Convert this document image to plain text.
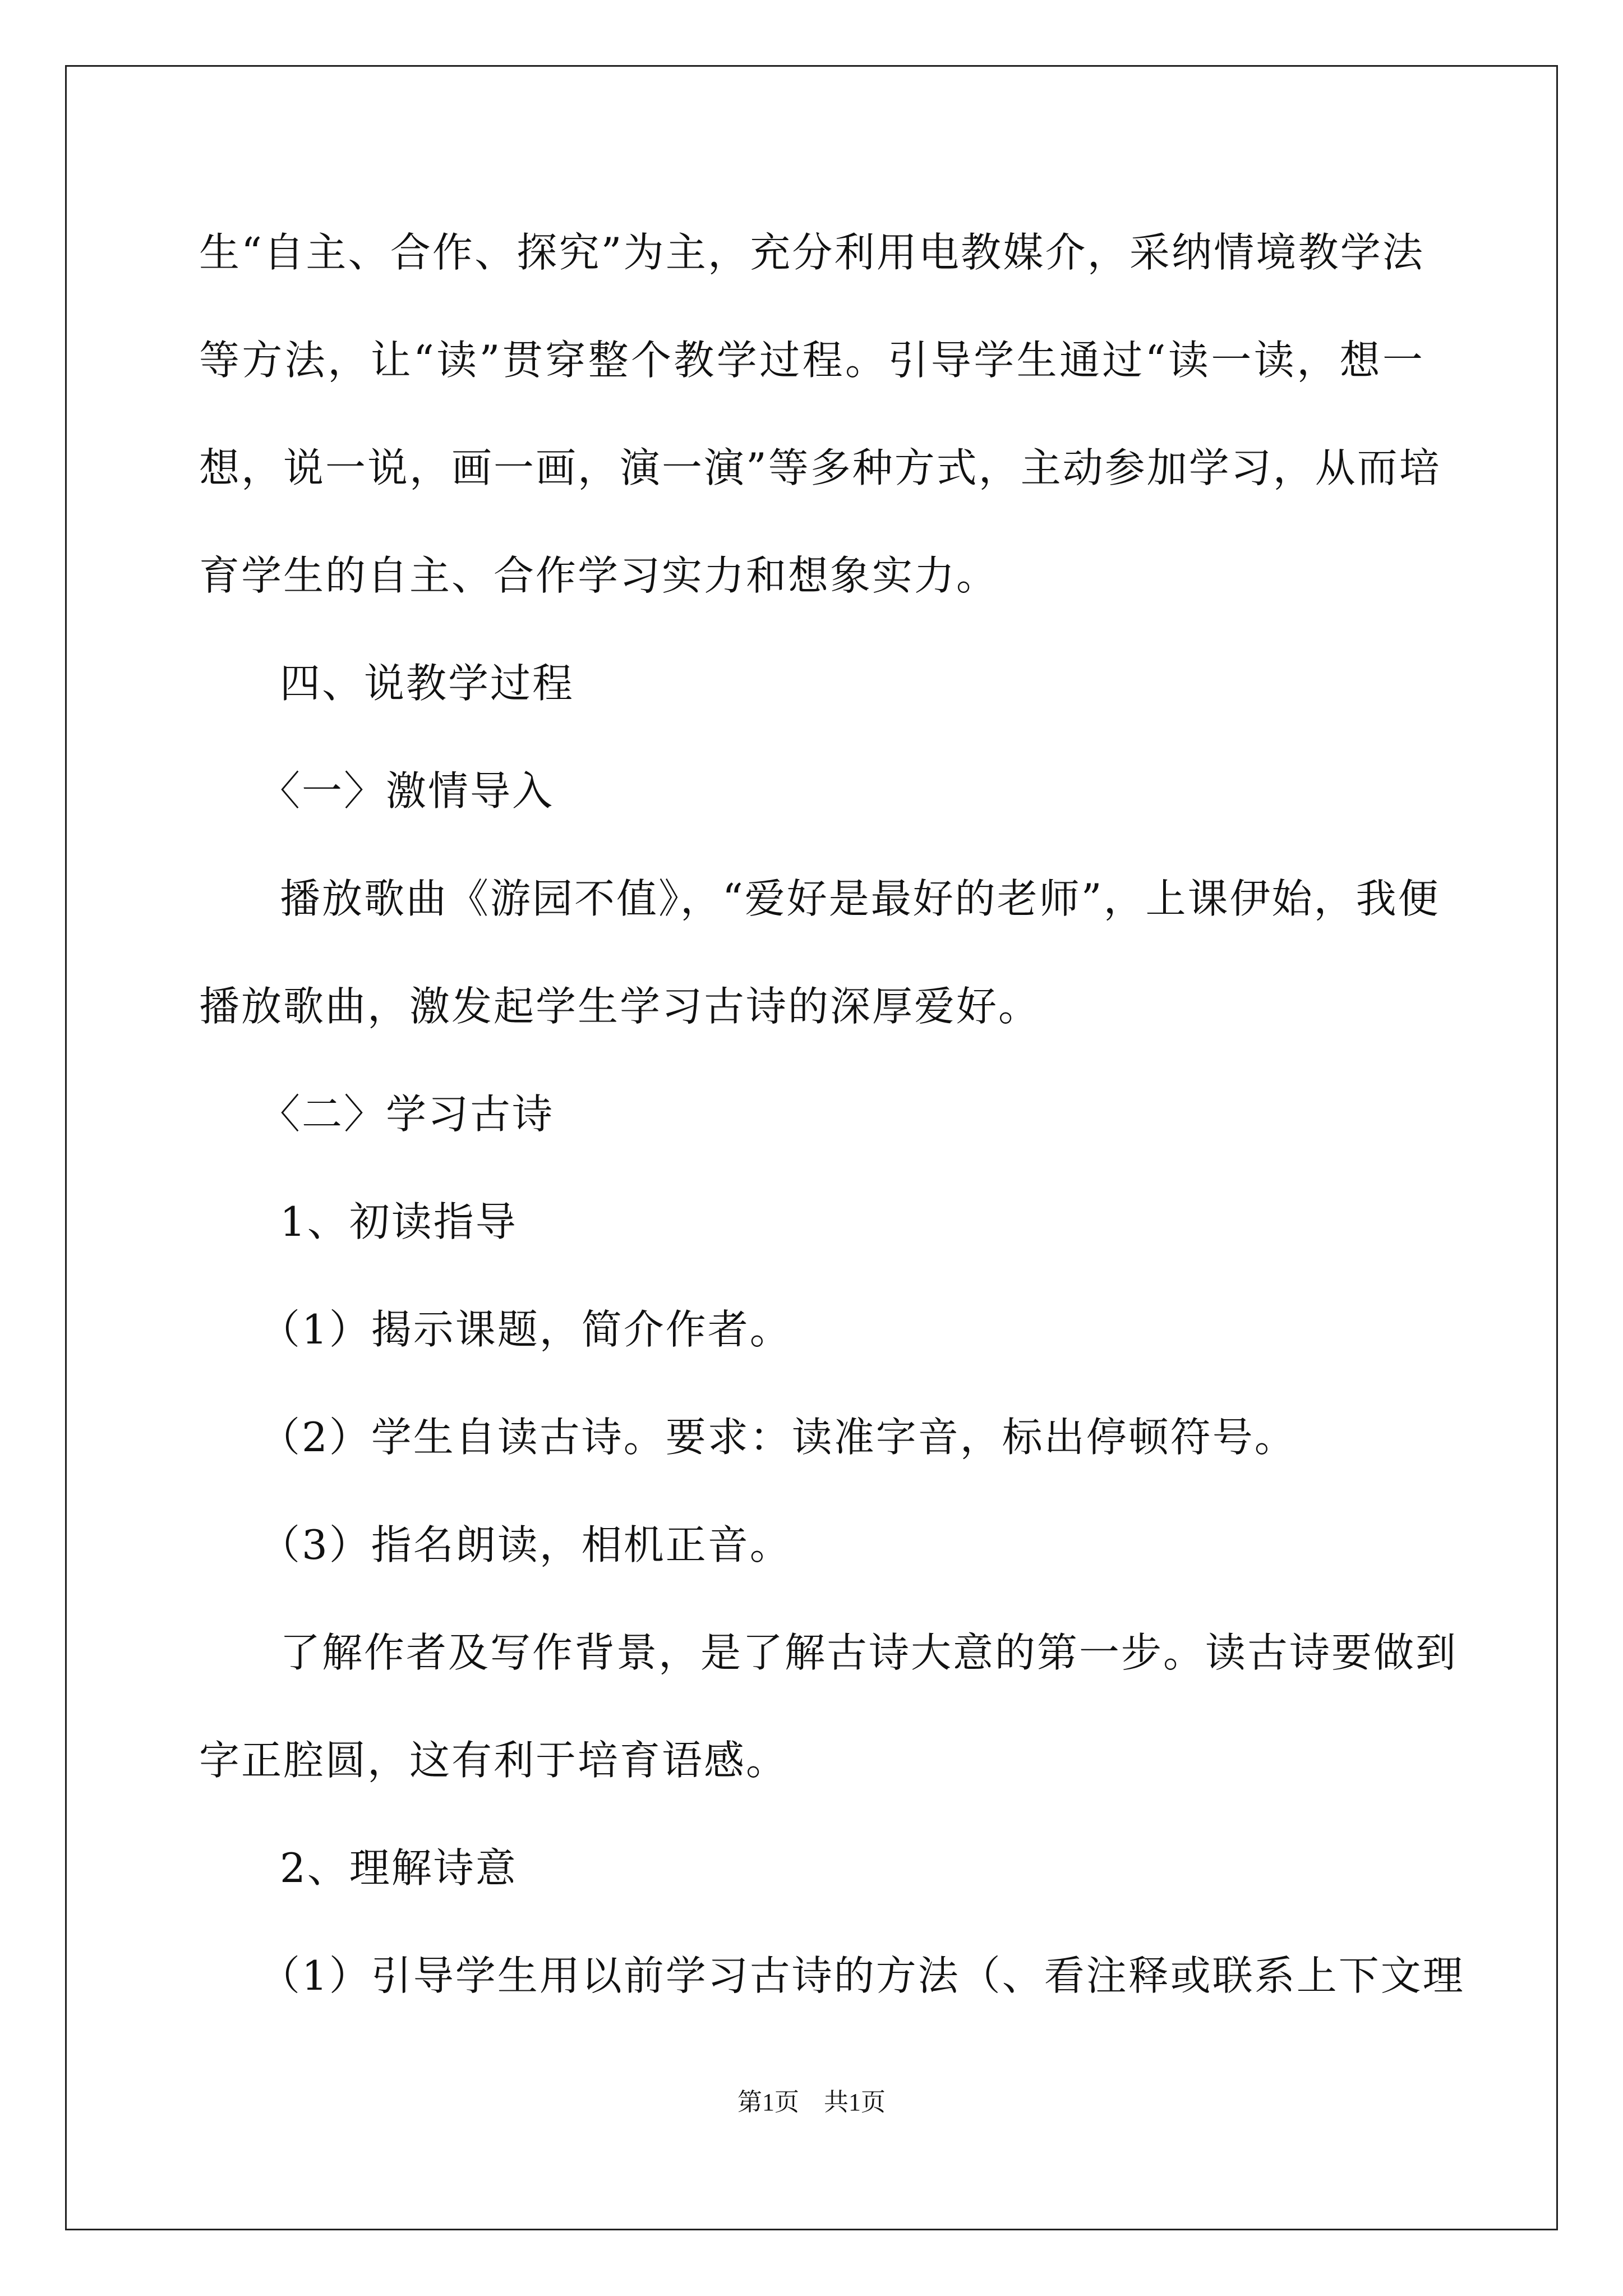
生“自主、合作、探究”为主，充分利用电教媒介，采纳情境教学法
等方法，让“读”贯穿整个教学过程。引导学生通过“读一读，想一
想，说一说，画一画，演一演”等多种方式，主动参加学习，从而培
育学生的自主、合作学习实力和想象实力。
四、说教学过程
〈一〉激情导入
播放歌曲《游园不值》，“爱好是最好的老师”，上课伊始，我便
播放歌曲，激发起学生学习古诗的深厚爱好。
〈二〉学习古诗
1、初读指导
（1）揭示课题，简介作者。
（2）学生自读古诗。要求：读准字音，标出停顿符号。
（3）指名朗读，相机正音。
了解作者及写作背景，是了解古诗大意的第一步。读古诗要做到
字正腔圆，这有利于培育语感。
2、理解诗意
（1）引导学生用以前学习古诗的方法（、看注释或联系上下文理
第1页　共1页
